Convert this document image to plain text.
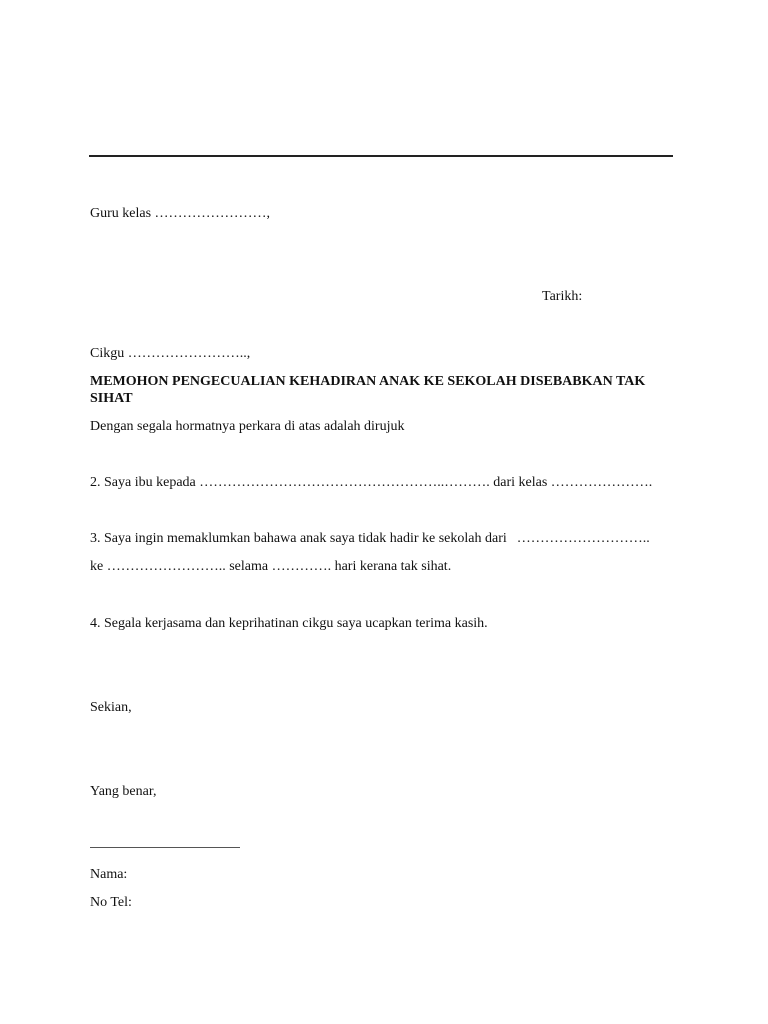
Guru kelas ……………………,
Tarikh:
Cikgu ……………………..,
MEMOHON PENGECUALIAN KEHADIRAN ANAK KE SEKOLAH DISEBABKAN TAK SIHAT
Dengan segala hormatnya perkara di atas adalah dirujuk
2. Saya ibu kepada ……………………………………………..………. dari kelas ………………….
3. Saya ingin memaklumkan bahawa anak saya tidak hadir ke sekolah dari ………………………..
ke …………………….. selama …………. hari kerana tak sihat.
4. Segala kerjasama dan keprihatinan cikgu saya ucapkan terima kasih.
Sekian,
Yang benar,
Nama:
No Tel:
